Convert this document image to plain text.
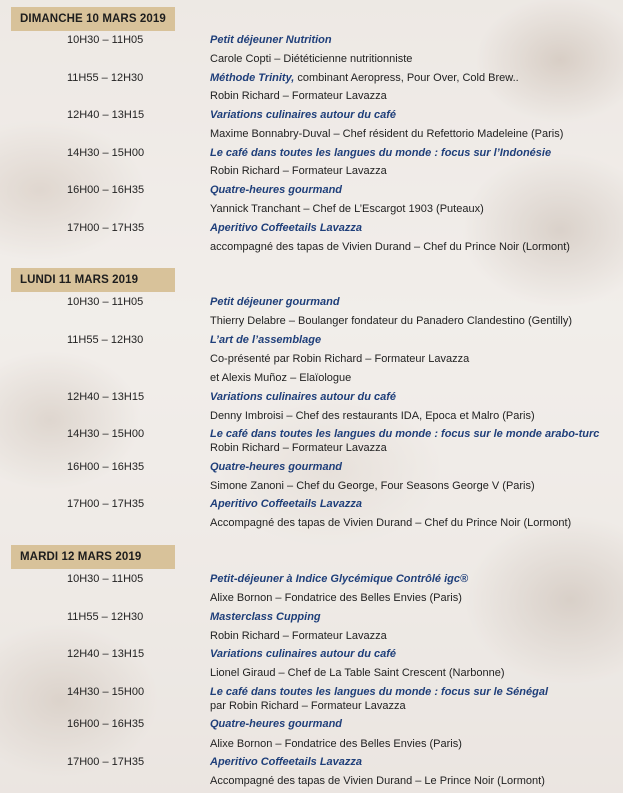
DIMANCHE 10 MARS 2019
10H30 – 11H05	Petit déjeuner Nutrition
Carole Copti – Diététicienne nutritionniste
11H55 – 12H30	Méthode Trinity, combinant Aeropress, Pour Over, Cold Brew..
Robin Richard – Formateur Lavazza
12H40 – 13H15	Variations culinaires autour du café
Maxime Bonnabry-Duval – Chef résident du Refettorio Madeleine (Paris)
14H30 – 15H00	Le café dans toutes les langues du monde : focus sur l’Indonésie
Robin Richard – Formateur Lavazza
16H00 – 16H35	Quatre-heures gourmand
Yannick Tranchant – Chef de L’Escargot 1903 (Puteaux)
17H00 – 17H35	Aperitivo Coffeetails Lavazza
accompagné des tapas de Vivien Durand – Chef du Prince Noir (Lormont)
LUNDI 11 MARS 2019
10H30 – 11H05	Petit déjeuner gourmand
Thierry Delabre – Boulanger fondateur du Panadero Clandestino (Gentilly)
11H55 – 12H30	L’art de l’assemblage
Co-présenté par Robin Richard – Formateur Lavazza
et Alexis Muñoz – Elaïologue
12H40 – 13H15	Variations culinaires autour du café
Denny Imbroisi – Chef des restaurants IDA, Epoca et Malro (Paris)
14H30 – 15H00	Le café dans toutes les langues du monde : focus sur le monde arabo-turc
Robin Richard – Formateur Lavazza
16H00 – 16H35	Quatre-heures gourmand
Simone Zanoni – Chef du George, Four Seasons George V (Paris)
17H00 – 17H35	Aperitivo Coffeetails Lavazza
Accompagné des tapas de Vivien Durand – Chef du Prince Noir (Lormont)
MARDI 12 MARS 2019
10H30 – 11H05	Petit-déjeuner à Indice Glycémique Contrôlé igc®
Alixe Bornon – Fondatrice des Belles Envies (Paris)
11H55 – 12H30	Masterclass Cupping
Robin Richard – Formateur Lavazza
12H40 – 13H15	Variations culinaires autour du café
Lionel Giraud – Chef de La Table Saint Crescent (Narbonne)
14H30 – 15H00	Le café dans toutes les langues du monde : focus sur le Sénégal
par Robin Richard – Formateur Lavazza
16H00 – 16H35	Quatre-heures gourmand
Alixe Bornon – Fondatrice des Belles Envies (Paris)
17H00 – 17H35	Aperitivo Coffeetails Lavazza
Accompagné des tapas de Vivien Durand – Le Prince Noir (Lormont)
